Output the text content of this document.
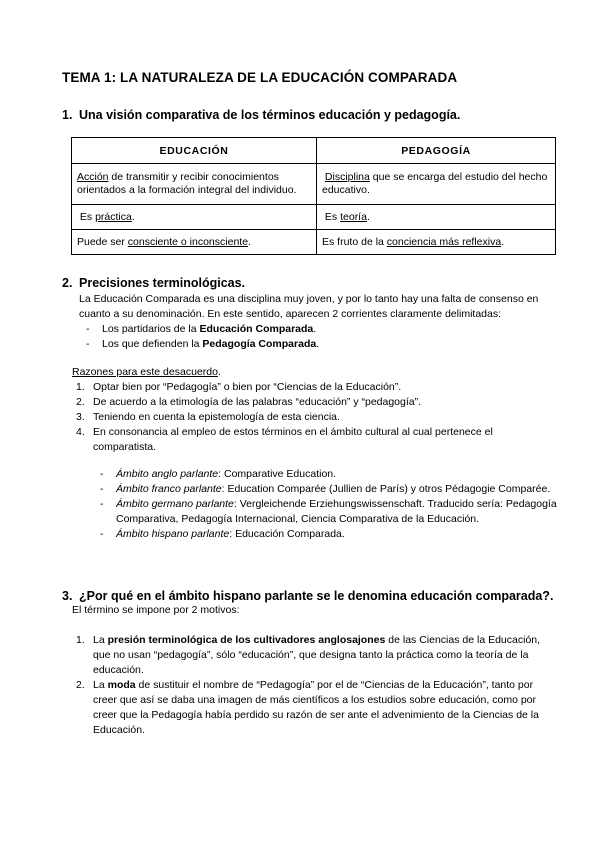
TEMA 1: LA NATURALEZA DE LA EDUCACIÓN COMPARADA
1. Una visión comparativa de los términos educación y pedagogía.
EDUCACIÓN	PEDAGOGÍA
Acción de transmitir y recibir conocimientos orientados a la formación integral del individuo.	Disciplina que se encarga del estudio del hecho educativo.
Es práctica.	Es teoría.
Puede ser consciente o inconsciente.	Es fruto de la conciencia más reflexiva.
2. Precisiones terminológicas.

La Educación Comparada es una disciplina muy joven, y por lo tanto hay una falta de consenso en cuanto a su denominación. En este sentido, aparecen 2 corrientes claramente delimitadas:

- Los partidarios de la Educación Comparada.
- Los que defienden la Pedagogía Comparada.

Razones para este desacuerdo.

1. Optar bien por “Pedagogía” o bien por “Ciencias de la Educación”.
2. De acuerdo a la etimología de las palabras “educación” y “pedagogía”.
3. Teniendo en cuenta la epistemología de esta ciencia.
4. En consonancia al empleo de estos términos en el ámbito cultural al cual pertenece el comparatista.
- Ámbito anglo parlante: Comparative Education.
- Ámbito franco parlante: Education Comparée (Jullien de París) y otros Pédagogie Comparée.
- Ámbito germano parlante: Vergleichende Erziehungswissenschaft. Traducido sería: Pedagogía Comparativa, Pedagogía Internacional, Ciencia Comparativa de la Educación.
- Ámbito hispano parlante: Educación Comparada.
3. ¿Por qué en el ámbito hispano parlante se le denomina educación comparada?.

El término se impone por 2 motivos:

1. La presión terminológica de los cultivadores anglosajones de las Ciencias de la Educación, que no usan “pedagogía”, sólo “educación”, que designa tanto la práctica como la teoría de la educación.
2. La moda de sustituir el nombre de “Pedagogía” por el de “Ciencias de la Educación”, tanto por creer que así se daba una imagen de más científicos a los estudios sobre educación, como por creer que la Pedagogía había perdido su razón de ser ante el advenimiento de la Ciencias de la Educación.
